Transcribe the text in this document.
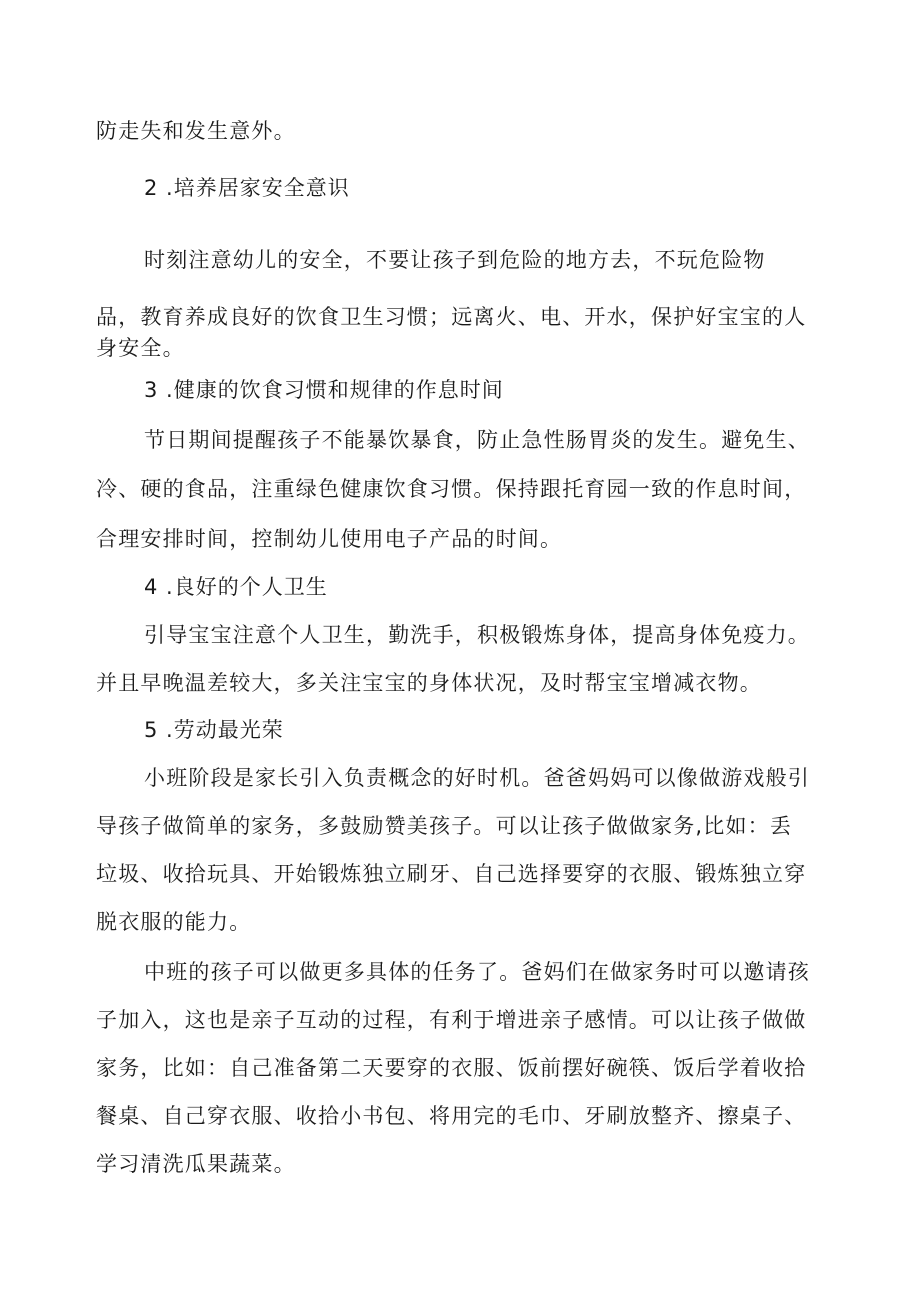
防走失和发生意外。
2 .培养居家安全意识
时刻注意幼儿的安全，不要让孩子到危险的地方去，不玩危险物
品，教育养成良好的饮食卫生习惯；远离火、电、开水，保护好宝宝的人
身安全。
3 .健康的饮食习惯和规律的作息时间
节日期间提醒孩子不能暴饮暴食，防止急性肠胃炎的发生。避免生、
冷、硬的食品，注重绿色健康饮食习惯。保持跟托育园一致的作息时间，
合理安排时间，控制幼儿使用电子产品的时间。
4 .良好的个人卫生
引导宝宝注意个人卫生，勤洗手，积极锻炼身体，提高身体免疫力。
并且早晚温差较大，多关注宝宝的身体状况，及时帮宝宝增减衣物。
5 .劳动最光荣
小班阶段是家长引入负责概念的好时机。爸爸妈妈可以像做游戏般引
导孩子做简单的家务，多鼓励赞美孩子。可以让孩子做做家务,比如：丢
垃圾、收拾玩具、开始锻炼独立刷牙、自己选择要穿的衣服、锻炼独立穿
脱衣服的能力。
中班的孩子可以做更多具体的任务了。爸妈们在做家务时可以邀请孩
子加入，这也是亲子互动的过程，有利于增进亲子感情。可以让孩子做做
家务，比如：自己准备第二天要穿的衣服、饭前摆好碗筷、饭后学着收拾
餐桌、自己穿衣服、收拾小书包、将用完的毛巾、牙刷放整齐、擦桌子、
学习清洗瓜果蔬菜。
